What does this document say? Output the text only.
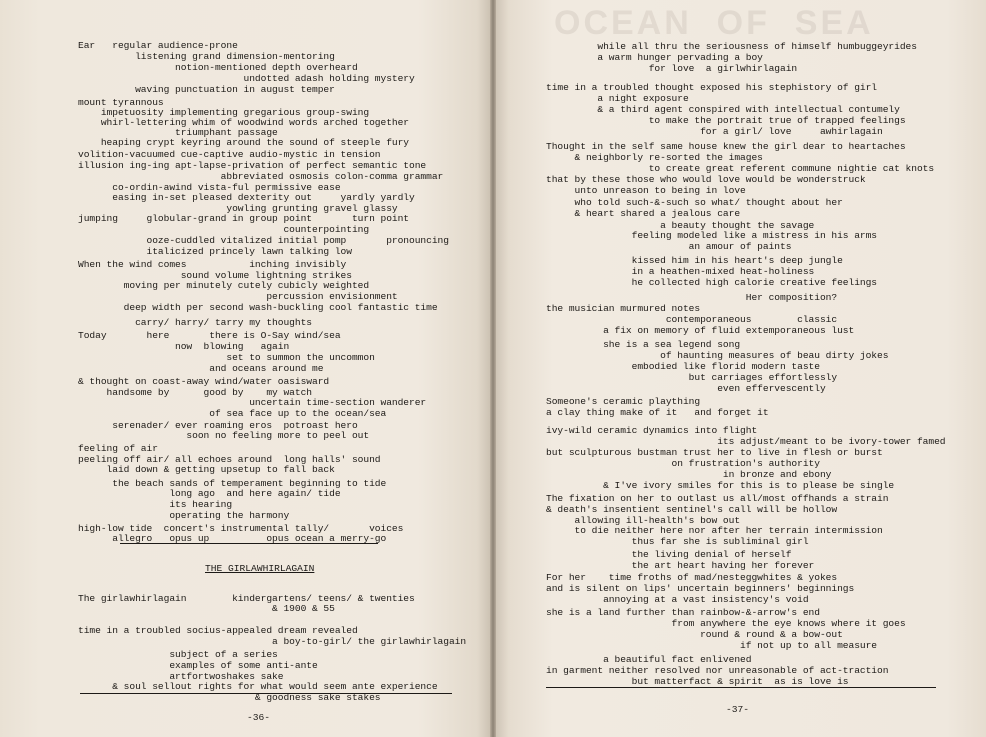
Ear   regular audience-prone
listening grand dimension-mentoring
notion-mentioned depth overheard
undotted adash holding mystery
waving punctuation in august temper
mount tyrannous
impetuosity implementing gregarious group-swing
whirl-lettering whim of woodwind words arched together
triumphant passage
heaping crypt keyring around the sound of steeple fury
volition-vacuumed cue-captive audio-mystic in tension
illusion ing-ing apt-lapse-privation of perfect semantic tone
abbreviated osmosis colon-comma grammar
co-ordin-awind vista-ful permissive ease
easing in-set pleased dexterity out     yardly yardly
yowling grunting gravel glassy
jumping     globular-grand in group point       turn point
counterpointing
ooze-cuddled vitalized initial pomp       pronouncing
italicized princely lawn talking low
When the wind comes           inching invisibly
sound volume lightning strikes
moving per minutely cutely cubicly weighted
percussion envisionment
deep width per second wash-buckling cool fantastic time
carry/ harry/ tarry my thoughts
Today       here       there is O-Say wind/sea
now  blowing   again
set to summon the uncommon
and oceans around me
& thought on coast-away wind/water oasisward
handsome by      good by    my watch
uncertain time-section wanderer
of sea face up to the ocean/sea
serenader/ ever roaming eros  potroast hero
soon no feeling more to peel out
feeling of air
peeling off air/ all echoes around  long halls' sound
laid down & getting upsetup to fall back
the beach sands of temperament beginning to tide
long ago  and here again/ tide
its hearing
operating the harmony
high-low tide  concert's instrumental tally/       voices
allegro   opus up          opus ocean a merry-go
The girlawhirlagain        kindergartens/ teens/ & twenties
& 1900 & 55
time in a troubled socius-appealed dream revealed
a boy-to-girl/ the girlawhirlagain
subject of a series
examples of some anti-ante
artfortwoshakes sake
& soul sellout rights for what would seem ante experience
& goodness sake stakes
THE GIRLAWHIRLAGAIN
-36-
OCEAN  OF  SEA
while all thru the seriousness of himself humbuggeyrides
a warm hunger pervading a boy
for love  a girlwhirlagain
time in a troubled thought exposed his stephistory of girl
a night exposure
& a third agent conspired with intellectual contumely
to make the portrait true of trapped feelings
for a girl/ love     awhirlagain
Thought in the self same house knew the girl dear to heartaches
& neighborly re-sorted the images
to create great referent commune nightie cat knots
that by these those who would love would be wonderstruck
unto unreason to being in love
who told such-&-such so what/ thought about her
& heart shared a jealous care
a beauty thought the savage
feeling modeled like a mistress in his arms
an amour of paints
kissed him in his heart's deep jungle
in a heathen-mixed heat-holiness
he collected high calorie creative feelings
Her composition?
the musician murmured notes
contemporaneous        classic
a fix on memory of fluid extemporaneous lust
she is a sea legend song
of haunting measures of beau dirty jokes
embodied like florid modern taste
but carriages effortlessly
even effervescently
Someone's ceramic plaything
a clay thing make of it   and forget it
ivy-wild ceramic dynamics into flight
its adjust/meant to be ivory-tower famed
but sculpturous bustman trust her to live in flesh or burst
on frustration's authority
in bronze and ebony
& I've ivory smiles for this is to please be single
The fixation on her to outlast us all/most offhands a strain
& death's insentient sentinel's call will be hollow
allowing ill-health's bow out
to die neither here nor after her terrain intermission
thus far she is subliminal girl
the living denial of herself
the art heart having her forever
For her    time froths of mad/nesteggwhites & yokes
and is silent on lips' uncertain beginners' beginnings
annoying at a vast insistency's void
she is a land further than rainbow-&-arrow's end
from anywhere the eye knows where it goes
round & round & a bow-out
if not up to all measure
a beautiful fact enlivened
in garment neither resolved nor unreasonable of act-traction
but matterfact & spirit  as is love is
-37-
